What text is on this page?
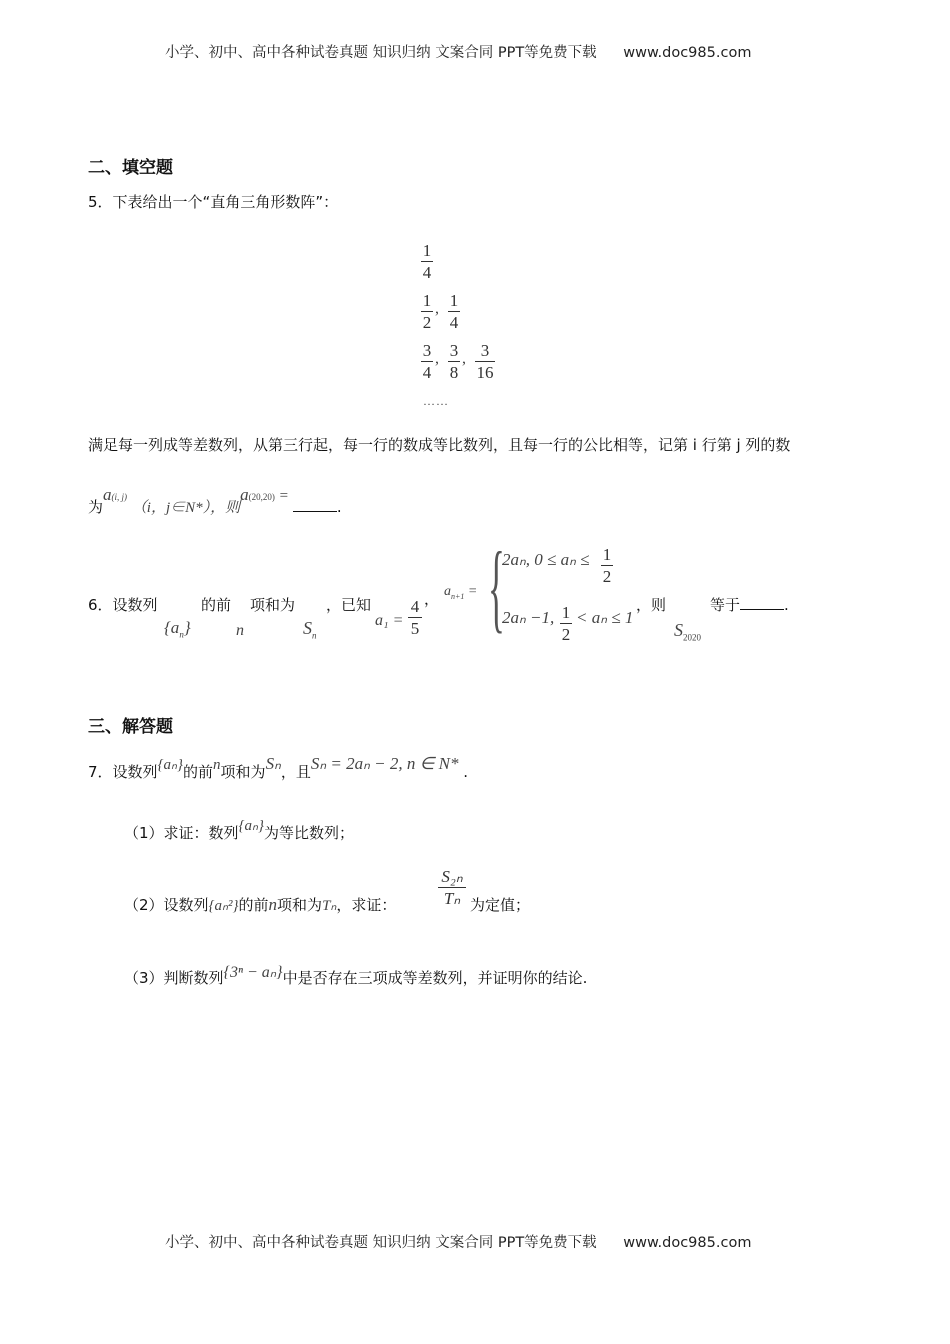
小学、初中、高中各种试卷真题 知识归纳 文案合同 PPT等免费下载 www.doc985.com
二、填空题
5．下表给出一个“直角三角形数阵”：
1
4
1
2
, 1
4
3
4
, 3
8
, 3
16
……
满足每一列成等差数列，从第三行起，每一行的数成等比数列，且每一行的公比相等，记第 i 行第 j 列的数
为$a^{(i, j)}$ （i，j∈N*），则$a^{(20,20)}$ = .
6．设数列	的前 项和为 ，已知
$\{a_n\}$	n	$S_n$
a₁ =
4
5
， $a_{n+1}$ = {
2aₙ, 0 ≤ aₙ ≤ 1
2
2aₙ −1, 1
2
< aₙ ≤ 1
，则
$S_{2020}$
等于	.
三、解答题
7．设数列{aₙ}的前n项和为Sₙ，且Sₙ = 2aₙ − 2, n ∈ N* .
（1）求证：数列{aₙ}为等比数列；
（2）设数列{aₙ²}的前n项和为Tₙ，求证：
S₂ₙ
Tₙ 为定值；
（3）判断数列{3ⁿ − aₙ}中是否存在三项成等差数列，并证明你的结论.
小学、初中、高中各种试卷真题 知识归纳 文案合同 PPT等免费下载 www.doc985.com
